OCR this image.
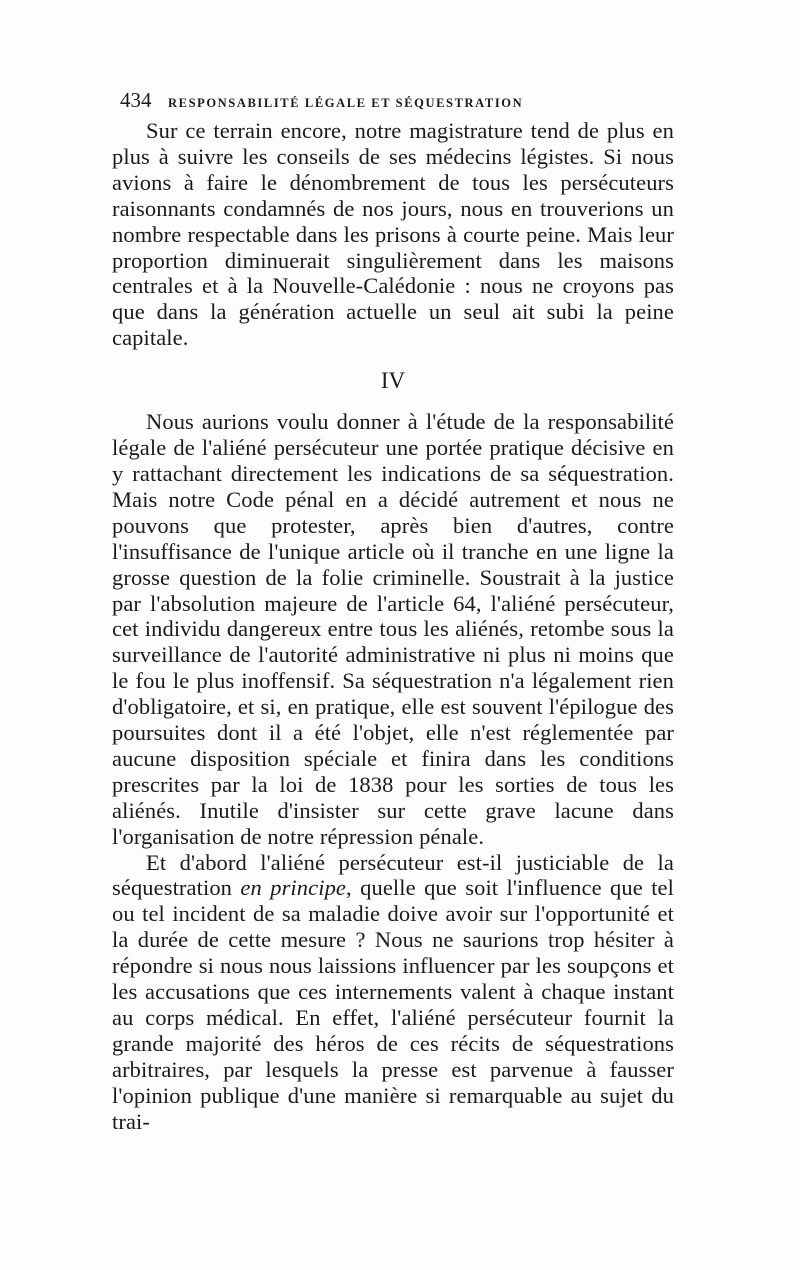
434	RESPONSABILITÉ LÉGALE ET SÉQUESTRATION

Sur ce terrain encore, notre magistrature tend de plus en plus à suivre les conseils de ses médecins légistes. Si nous avions à faire le dénombrement de tous les persécuteurs raisonnants condamnés de nos jours, nous en trouverions un nombre respectable dans les prisons à courte peine. Mais leur proportion diminuerait singulièrement dans les maisons centrales et à la Nouvelle-Calédonie : nous ne croyons pas que dans la génération actuelle un seul ait subi la peine capitale.

IV

Nous aurions voulu donner à l'étude de la responsabilité légale de l'aliéné persécuteur une portée pratique décisive en y rattachant directement les indications de sa séquestration. Mais notre Code pénal en a décidé autrement et nous ne pouvons que protester, après bien d'autres, contre l'insuffisance de l'unique article où il tranche en une ligne la grosse question de la folie criminelle. Soustrait à la justice par l'absolution majeure de l'article 64, l'aliéné persécuteur, cet individu dangereux entre tous les aliénés, retombe sous la surveillance de l'autorité administrative ni plus ni moins que le fou le plus inoffensif. Sa séquestration n'a légalement rien d'obligatoire, et si, en pratique, elle est souvent l'épilogue des poursuites dont il a été l'objet, elle n'est réglementée par aucune disposition spéciale et finira dans les conditions prescrites par la loi de 1838 pour les sorties de tous les aliénés. Inutile d'insister sur cette grave lacune dans l'organisation de notre répression pénale.

Et d'abord l'aliéné persécuteur est-il justiciable de la séquestration en principe, quelle que soit l'influence que tel ou tel incident de sa maladie doive avoir sur l'opportunité et la durée de cette mesure ? Nous ne saurions trop hésiter à répondre si nous nous laissions influencer par les soupçons et les accusations que ces internements valent à chaque instant au corps médical. En effet, l'aliéné persécuteur fournit la grande majorité des héros de ces récits de séquestrations arbitraires, par lesquels la presse est parvenue à fausser l'opinion publique d'une manière si remarquable au sujet du trai-
